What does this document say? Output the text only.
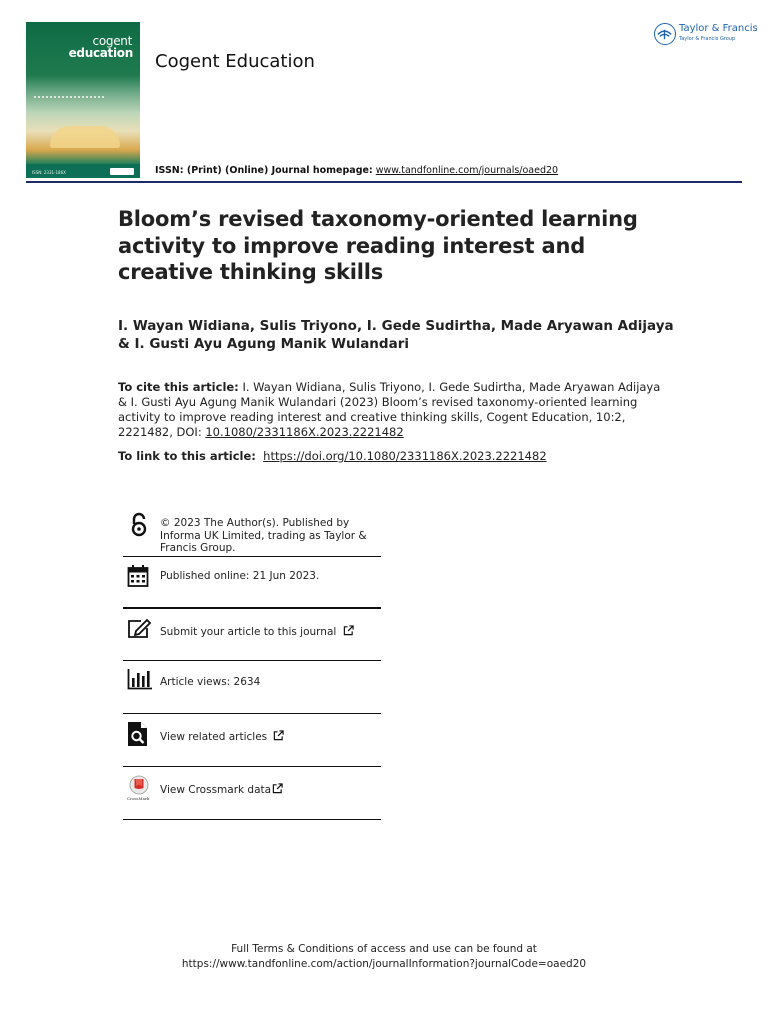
cogent
education
ISSN: 2331-186X
Cogent Education
ISSN: (Print) (Online) Journal homepage: www.tandfonline.com/journals/oaed20
Taylor & Francis
Taylor & Francis Group
Bloom’s revised taxonomy-oriented learning activity to improve reading interest and creative thinking skills
I. Wayan Widiana, Sulis Triyono, I. Gede Sudirtha, Made Aryawan Adijaya & I. Gusti Ayu Agung Manik Wulandari
To cite this article: I. Wayan Widiana, Sulis Triyono, I. Gede Sudirtha, Made Aryawan Adijaya & I. Gusti Ayu Agung Manik Wulandari (2023) Bloom’s revised taxonomy-oriented learning activity to improve reading interest and creative thinking skills, Cogent Education, 10:2, 2221482, DOI: 10.1080/2331186X.2023.2221482
To link to this article: https://doi.org/10.1080/2331186X.2023.2221482
© 2023 The Author(s). Published by Informa UK Limited, trading as Taylor & Francis Group.
Published online: 21 Jun 2023.
Submit your article to this journal
Article views: 2634
View related articles
CrossMark
View Crossmark data
Full Terms & Conditions of access and use can be found at
https://www.tandfonline.com/action/journalInformation?journalCode=oaed20
